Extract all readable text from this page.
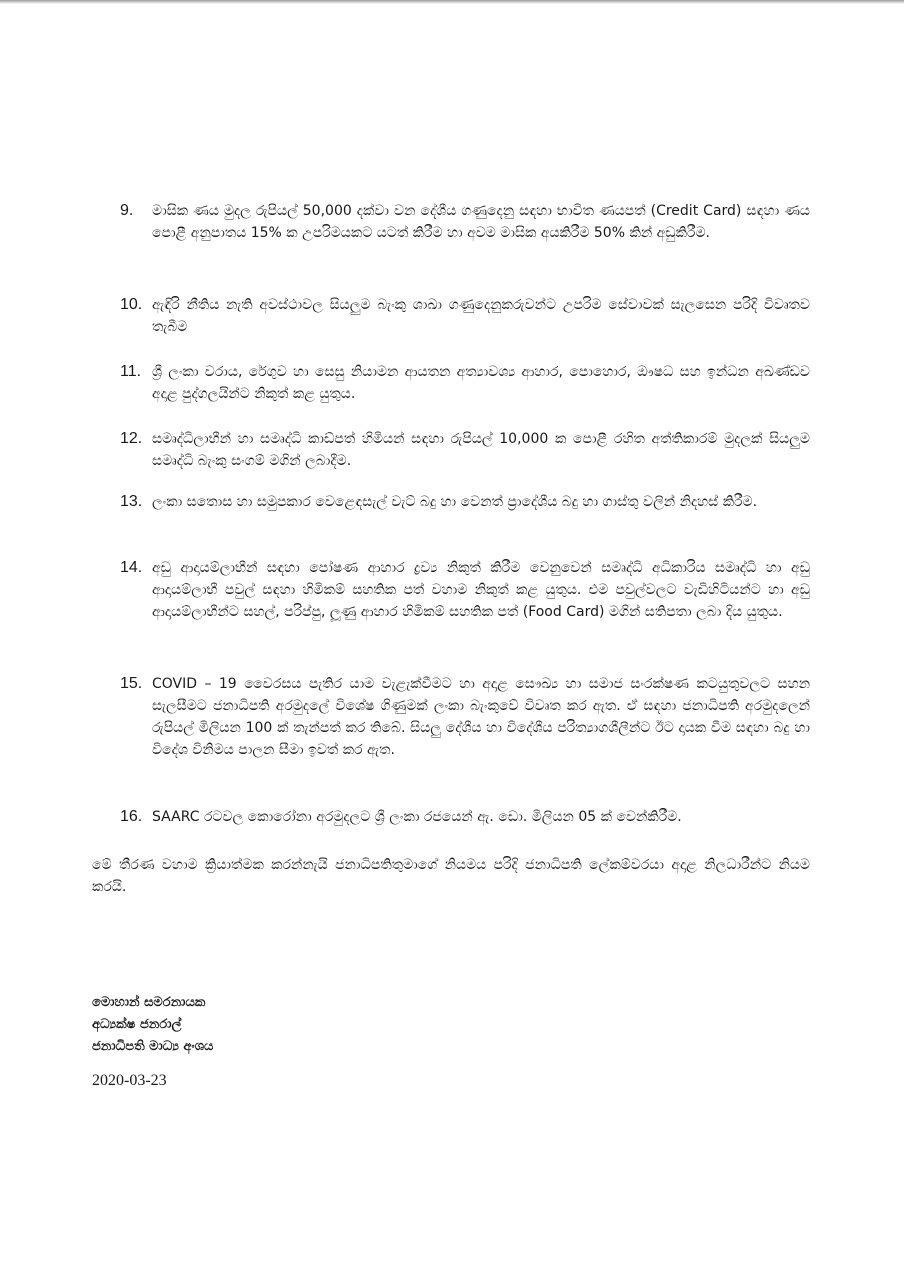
9.	මාසික ණය මුදල රුපියල් 50,000 දක්වා වන දේශීය ගණුදෙනු සඳහා භාවිත ණයපත් (Credit Card) සඳහා ණය පොළී අනුපාතය 15% ක උපරිමයකට යටත් කිරීම හා අවම මාසික අයකිරීම 50% කින් අඩුකිරීම.
10. ඇඳිරි නීතිය නැති අවස්ථාවල සියලුම බැංකු ශාඛා ගණුදෙනුකරුවන්ට උපරිම සේවාවක් සැලසෙන පරිදි විවෘතව තැබීම
11. ශ්‍රී ලංකා වරාය, රේගුව හා සෙසු නියාමන ආයතන අත්‍යාවශ්‍ය ආහාර, පොහොර, ඖෂධ සහ ඉන්ධන අඛණ්ඩව අදාළ පුද්ගලයින්ට නිකුත් කළ යුතුය.
12. සමෘද්ධිලාභීන් හා සමෘද්ධි කාඩ්පත් හිමියන් සඳහා රුපියල් 10,000 ක පොළී රහිත අත්තිකාරම් මුදලක් සියලුම සමෘද්ධි බැංකු සංගම් මගින් ලබාදීම.
13. ලංකා සතොස හා සමුපකාර වෙළෙඳසැල් වැට් බදු හා වෙනත් ප්‍රාදේශීය බදු හා ගාස්තු වලින් නිදහස් කිරීම.
14. අඩු ආදායම්ලාභීන් සඳහා පෝෂණ ආහාර ද්‍රව්‍ය නිකුත් කිරීම වෙනුවෙන් සමෘද්ධි අධිකාරිය සමෘද්ධි හා අඩු ආදායම්ලාභී පවුල් සඳහා හිමිකම් සහතික පත් වහාම නිකුත් කළ යුතුය. එම පවුල්වලට වැඩිහිටියන්ට හා අඩු ආදායම්ලාභීන්ට සහල්, පරිප්පු, ලූණු ආහාර හිමිකම් සහතික පත් (Food Card) මගින් සතිපතා ලබා දිය යුතුය.
15. COVID – 19 වෛරසය පැතිර යාම වැළැක්වීමට හා අදාළ සෞඛ්‍ය හා සමාජ සංරක්ෂණ කටයුතුවලට සහන සැලසීමට ජනාධිපති අරමුදලේ විශේෂ ගිණුමක් ලංකා බැංකුවේ විවෘත කර ඇත. ඒ සඳහා ජනාධිපති අරමුදලෙන් රුපියල් මිලියන 100 ක් තැන්පත් කර තිබේ. සියලු දේශීය හා විදේශීය පරිත්‍යාගශීලීන්ට ඊට දායක වීම සඳහා බදු හා විදේශ විනිමය පාලන සීමා ඉවත් කර ඇත.
16. SAARC රටවල කොරෝනා අරමුදලට ශ්‍රී ලංකා රජයෙන් ඇ. ඩො. මිලියන 05 ක් වෙන්කිරීම.
මේ තීරණ වහාම ක්‍රියාත්මක කරන්නැයි ජනාධිපතිතුමාගේ නියමය පරිදි ජනාධිපති ලේකම්වරයා අදාළ නිලධාරීන්ට නියම කරයි.
මොහාන් සමරනායක
අධ්‍යක්ෂ ජනරාල්
ජනාධිපති මාධ්‍ය අංශය
2020-03-23
